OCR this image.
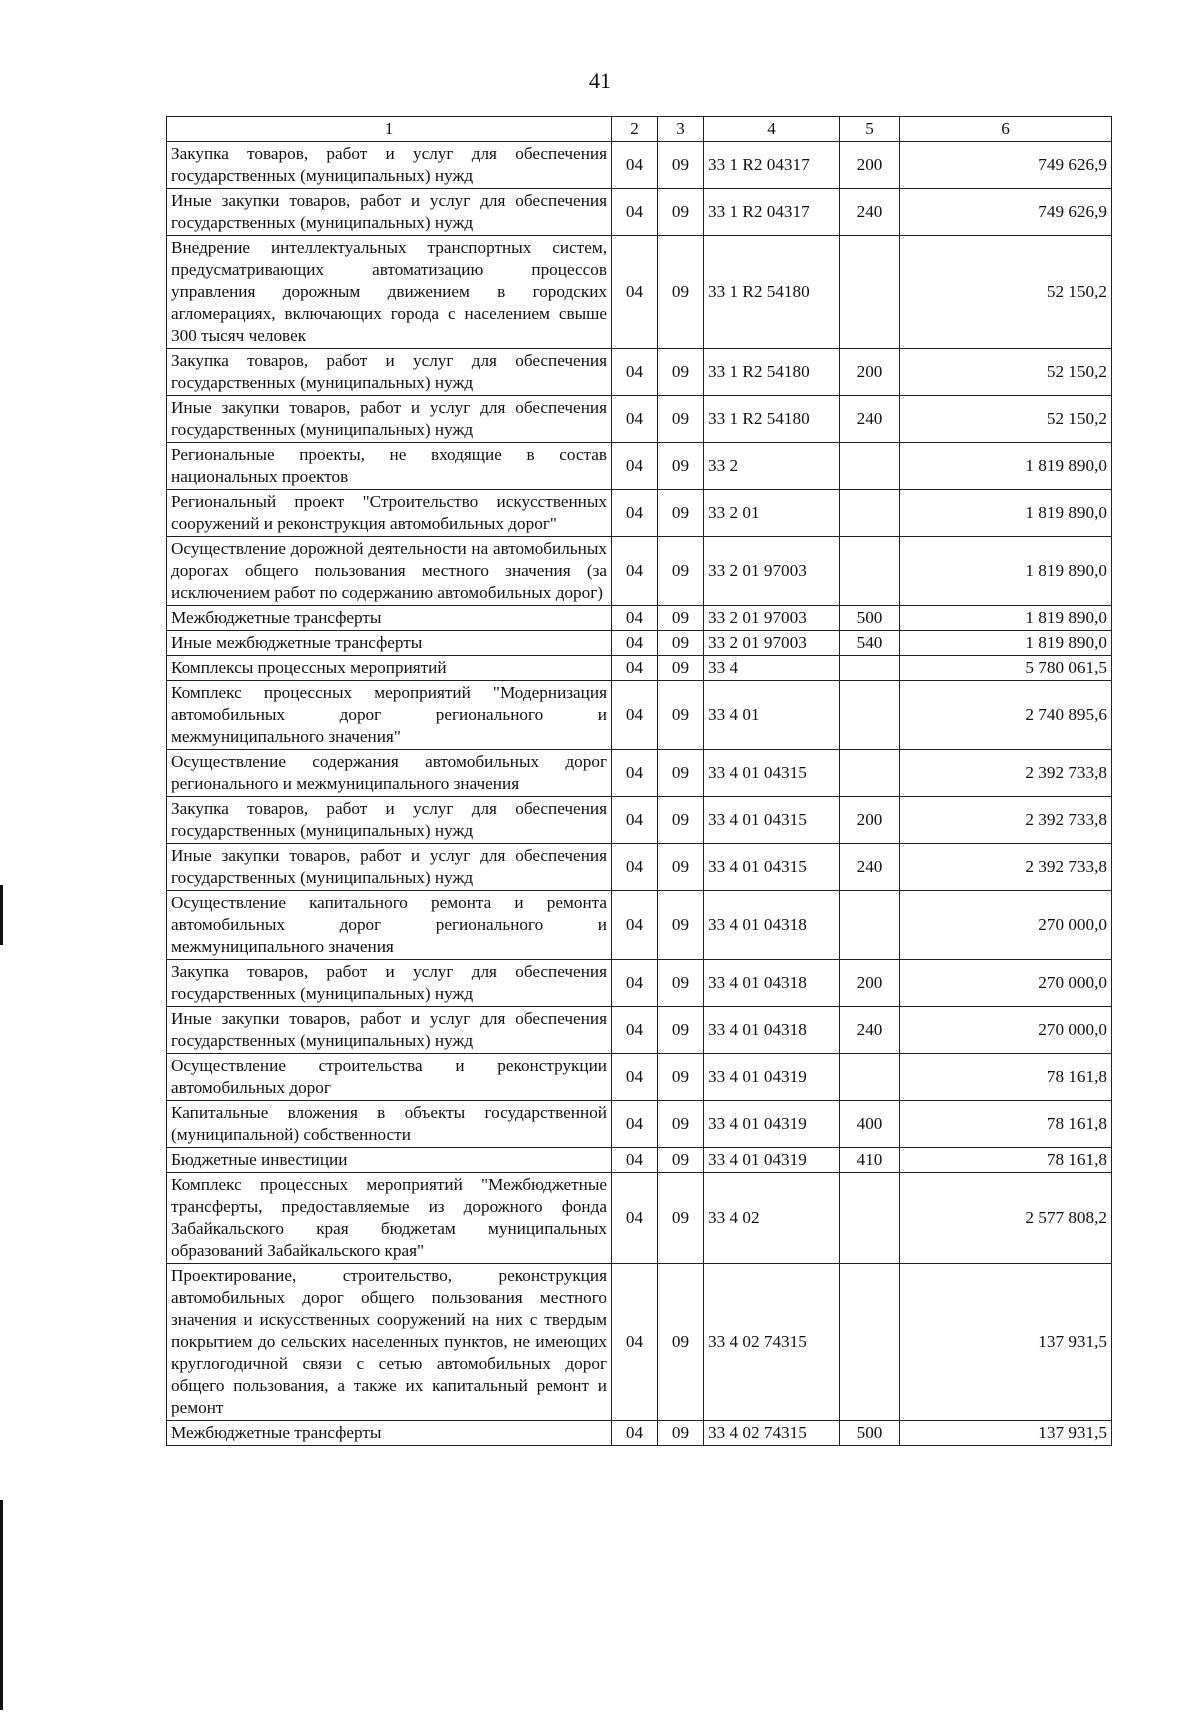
41
1	2	3	4	5	6
Закупка товаров, работ и услуг для обеспечения государственных (муниципальных) нужд	04	09	33 1 R2 04317	200	749 626,9
Иные закупки товаров, работ и услуг для обеспечения государственных (муниципальных) нужд	04	09	33 1 R2 04317	240	749 626,9
Внедрение интеллектуальных транспортных систем, предусматривающих автоматизацию процессов управления дорожным движением в городских агломерациях, включающих города с населением свыше 300 тысяч человек	04	09	33 1 R2 54180		52 150,2
Закупка товаров, работ и услуг для обеспечения государственных (муниципальных) нужд	04	09	33 1 R2 54180	200	52 150,2
Иные закупки товаров, работ и услуг для обеспечения государственных (муниципальных) нужд	04	09	33 1 R2 54180	240	52 150,2
Региональные проекты, не входящие в состав национальных проектов	04	09	33 2		1 819 890,0
Региональный проект "Строительство искусственных сооружений и реконструкция автомобильных дорог"	04	09	33 2 01		1 819 890,0
Осуществление дорожной деятельности на автомобильных дорогах общего пользования местного значения (за исключением работ по содержанию автомобильных дорог)	04	09	33 2 01 97003		1 819 890,0
Межбюджетные трансферты	04	09	33 2 01 97003	500	1 819 890,0
Иные межбюджетные трансферты	04	09	33 2 01 97003	540	1 819 890,0
Комплексы процессных мероприятий	04	09	33 4		5 780 061,5
Комплекс процессных мероприятий "Модернизация автомобильных дорог регионального и межмуниципального значения"	04	09	33 4 01		2 740 895,6
Осуществление содержания автомобильных дорог регионального и межмуниципального значения	04	09	33 4 01 04315		2 392 733,8
Закупка товаров, работ и услуг для обеспечения государственных (муниципальных) нужд	04	09	33 4 01 04315	200	2 392 733,8
Иные закупки товаров, работ и услуг для обеспечения государственных (муниципальных) нужд	04	09	33 4 01 04315	240	2 392 733,8
Осуществление капитального ремонта и ремонта автомобильных дорог регионального и межмуниципального значения	04	09	33 4 01 04318		270 000,0
Закупка товаров, работ и услуг для обеспечения государственных (муниципальных) нужд	04	09	33 4 01 04318	200	270 000,0
Иные закупки товаров, работ и услуг для обеспечения государственных (муниципальных) нужд	04	09	33 4 01 04318	240	270 000,0
Осуществление строительства и реконструкции автомобильных дорог	04	09	33 4 01 04319		78 161,8
Капитальные вложения в объекты государственной (муниципальной) собственности	04	09	33 4 01 04319	400	78 161,8
Бюджетные инвестиции	04	09	33 4 01 04319	410	78 161,8
Комплекс процессных мероприятий "Межбюджетные трансферты, предоставляемые из дорожного фонда Забайкальского края бюджетам муниципальных образований Забайкальского края"	04	09	33 4 02		2 577 808,2
Проектирование, строительство, реконструкция автомобильных дорог общего пользования местного значения и искусственных сооружений на них с твердым покрытием до сельских населенных пунктов, не имеющих круглогодичной связи с сетью автомобильных дорог общего пользования, а также их капитальный ремонт и ремонт	04	09	33 4 02 74315		137 931,5
Межбюджетные трансферты	04	09	33 4 02 74315	500	137 931,5
